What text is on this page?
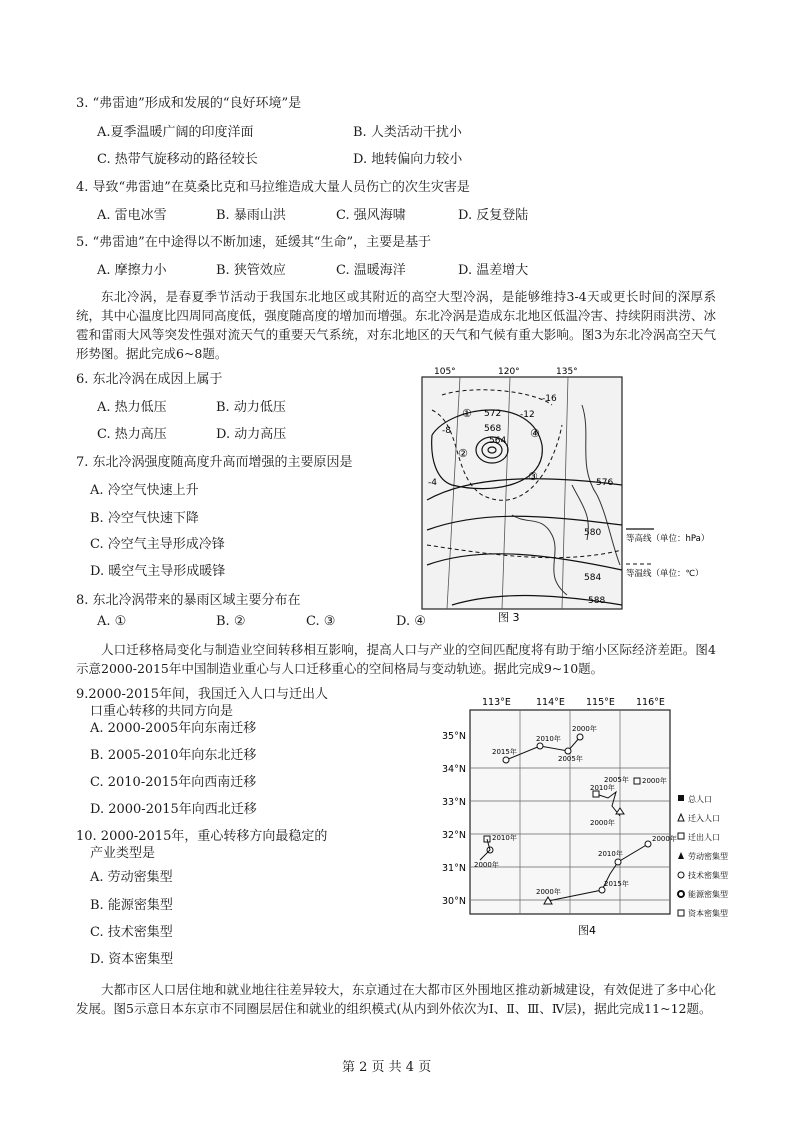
3. “弗雷迪”形成和发展的“良好环境”是
A.夏季温暖广阔的印度洋面	B. 人类活动干扰小
C. 热带气旋移动的路径较长	D. 地转偏向力较小
4. 导致“弗雷迪”在莫桑比克和马拉维造成大量人员伤亡的次生灾害是
A. 雷电冰雪	B. 暴雨山洪	C. 强风海啸	D. 反复登陆
5. “弗雷迪”在中途得以不断加速，延缓其“生命”，主要是基于
A. 摩擦力小	B. 狭管效应	C. 温暖海洋	D. 温差增大
东北冷涡，是春夏季节活动于我国东北地区或其附近的高空大型冷涡，是能够维持3-4天或更长时间的深厚系统，其中心温度比四周同高度低，强度随高度的增加而增强。东北冷涡是造成东北地区低温冷害、持续阴雨洪涝、冰雹和雷雨大风等突发性强对流天气的重要天气系统，对东北地区的天气和气候有重大影响。图3为东北冷涡高空天气形势图。据此完成6~8题。
6. 东北冷涡在成因上属于
A. 热力低压	B. 动力低压
C. 热力高压	D. 动力高压
7. 东北冷涡强度随高度升高而增强的主要原因是
A. 冷空气快速上升
B. 冷空气快速下降
C. 冷空气主导形成冷锋
D. 暖空气主导形成暖锋
8. 东北冷涡带来的暴雨区域主要分布在
A. ①	B. ②	C. ③	D. ④
105°	120°	135°
572
568
564
576
580
584
588
-12
-16
-8
-4
①
②
③
④
等高线（单位：hPa）
等温线（单位：℃）
图 3
人口迁移格局变化与制造业空间转移相互影响，提高人口与产业的空间匹配度将有助于缩小区际经济差距。图4示意2000-2015年中国制造业重心与人口迁移重心的空间格局与变动轨迹。据此完成9~10题。
9.2000-2015年间，我国迁入人口与迁出人
口重心转移的共同方向是
A. 2000-2005年向东南迁移
B. 2005-2010年向东北迁移
C. 2010-2015年向西南迁移
D. 2000-2015年向西北迁移
10. 2000-2015年，重心转移方向最稳定的
产业类型是
A. 劳动密集型
B. 能源密集型
C. 技术密集型
D. 资本密集型
113°E	114°E 115°E 116°E
35°N
34°N
33°N
32°N
31°N
30°N
2015年
2010年
2005年
2000年
2005年 2000年
2010年
2000年
2010年
2000年
2000年
2015年
2010年
2000年
总人口
迁入人口
迁出人口
劳动密集型
技术密集型
能源密集型
资本密集型
图4
大都市区人口居住地和就业地往往差异较大，东京通过在大都市区外围地区推动新城建设，有效促进了多中心化发展。图5示意日本东京市不同圈层居住和就业的组织模式(从内到外依次为Ⅰ、Ⅱ、Ⅲ、Ⅳ层)，据此完成11~12题。
第 2 页 共 4 页
